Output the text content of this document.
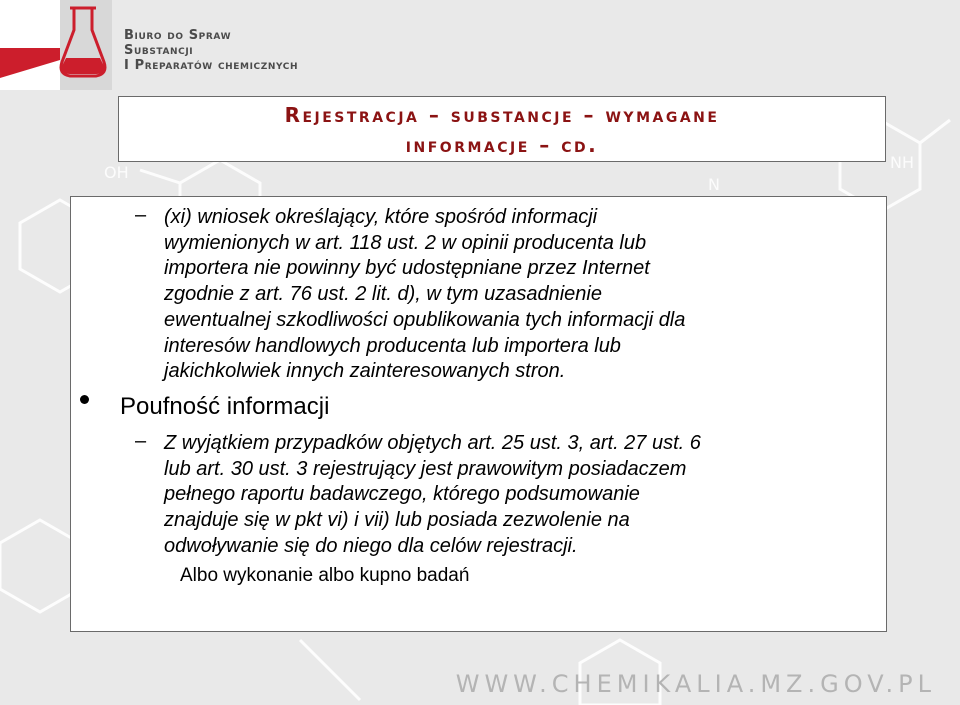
OH
NH
N
Biuro do Spraw
Substancji
I Preparatów chemicznych
Rejestracja – substancje – wymagane
informacje – cd.
– (xi) wniosek określający, które spośród informacji
wymienionych w art. 118 ust. 2 w opinii producenta lub
importera nie powinny być udostępniane przez Internet
zgodnie z art. 76 ust. 2 lit. d), w tym uzasadnienie
ewentualnej szkodliwości opublikowania tych informacji dla
interesów handlowych producenta lub importera lub
jakichkolwiek innych zainteresowanych stron.
Poufność informacji
– Z wyjątkiem przypadków objętych art. 25 ust. 3, art. 27 ust. 6
lub art. 30 ust. 3 rejestrujący jest prawowitym posiadaczem
pełnego raportu badawczego, którego podsumowanie
znajduje się w pkt vi) i vii) lub posiada zezwolenie na
odwoływanie się do niego dla celów rejestracji.
Albo wykonanie albo kupno badań
WWW.CHEMIKALIA.MZ.GOV.PL
